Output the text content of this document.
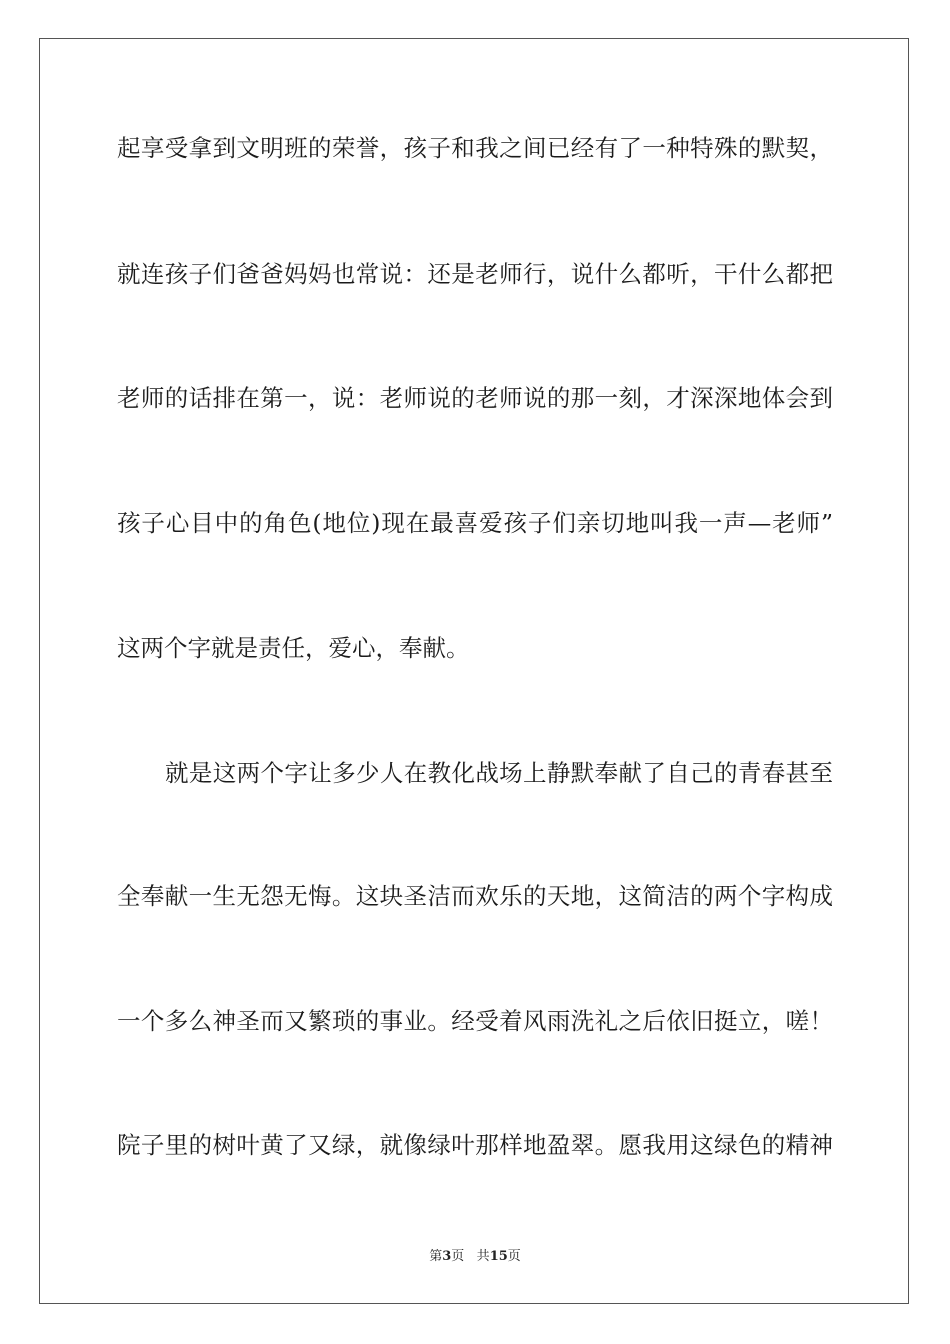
起享受拿到文明班的荣誉，孩子和我之间已经有了一种特殊的默契，
就连孩子们爸爸妈妈也常说：还是老师行，说什么都听，干什么都把
老师的话排在第一，说：老师说的老师说的那一刻，才深深地体会到
孩子心目中的角色(地位)现在最喜爱孩子们亲切地叫我一声—老师”
这两个字就是责任，爱心，奉献。
就是这两个字让多少人在教化战场上静默奉献了自己的青春甚至
全奉献一生无怨无悔。这块圣洁而欢乐的天地，这简洁的两个字构成
一个多么神圣而又繁琐的事业。经受着风雨洗礼之后依旧挺立，嗟！
院子里的树叶黄了又绿，就像绿叶那样地盈翠。愿我用这绿色的精神
第3页 共15页
